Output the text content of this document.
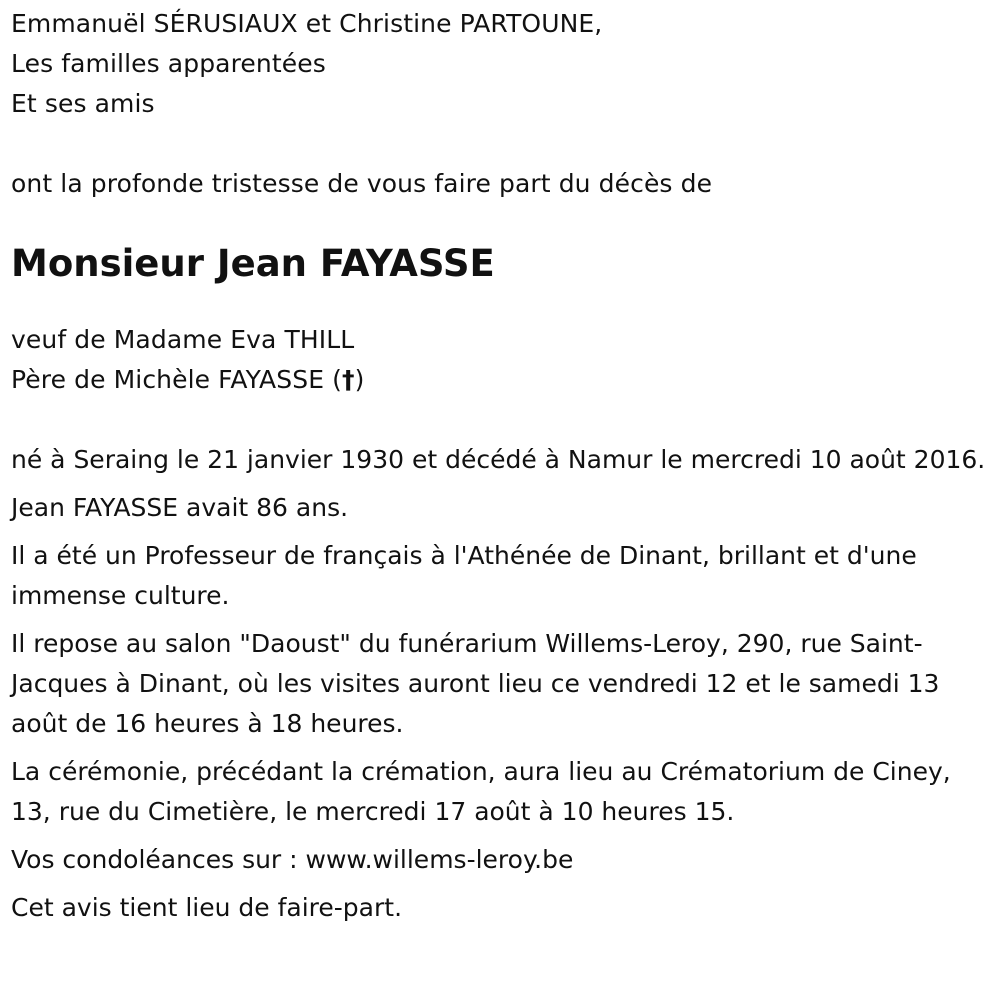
Emmanuël SÉRUSIAUX et Christine PARTOUNE,
Les familles apparentées
Et ses amis
ont la profonde tristesse de vous faire part du décès de
Monsieur Jean FAYASSE
veuf de Madame Eva THILL
Père de Michèle FAYASSE (†)

né à Seraing le 21 janvier 1930 et décédé à Namur le mercredi 10 août 2016.

Jean FAYASSE avait 86 ans.

Il a été un Professeur de français à l'Athénée de Dinant, brillant et d'une immense culture.

Il repose au salon "Daoust" du funérarium Willems-Leroy, 290, rue Saint-Jacques à Dinant, où les visites auront lieu ce vendredi 12 et le samedi 13 août de 16 heures à 18 heures.

La cérémonie, précédant la crémation, aura lieu au Crématorium de Ciney, 13, rue du Cimetière, le mercredi 17 août à 10 heures 15.

Vos condoléances sur : www.willems-leroy.be

Cet avis tient lieu de faire-part.
